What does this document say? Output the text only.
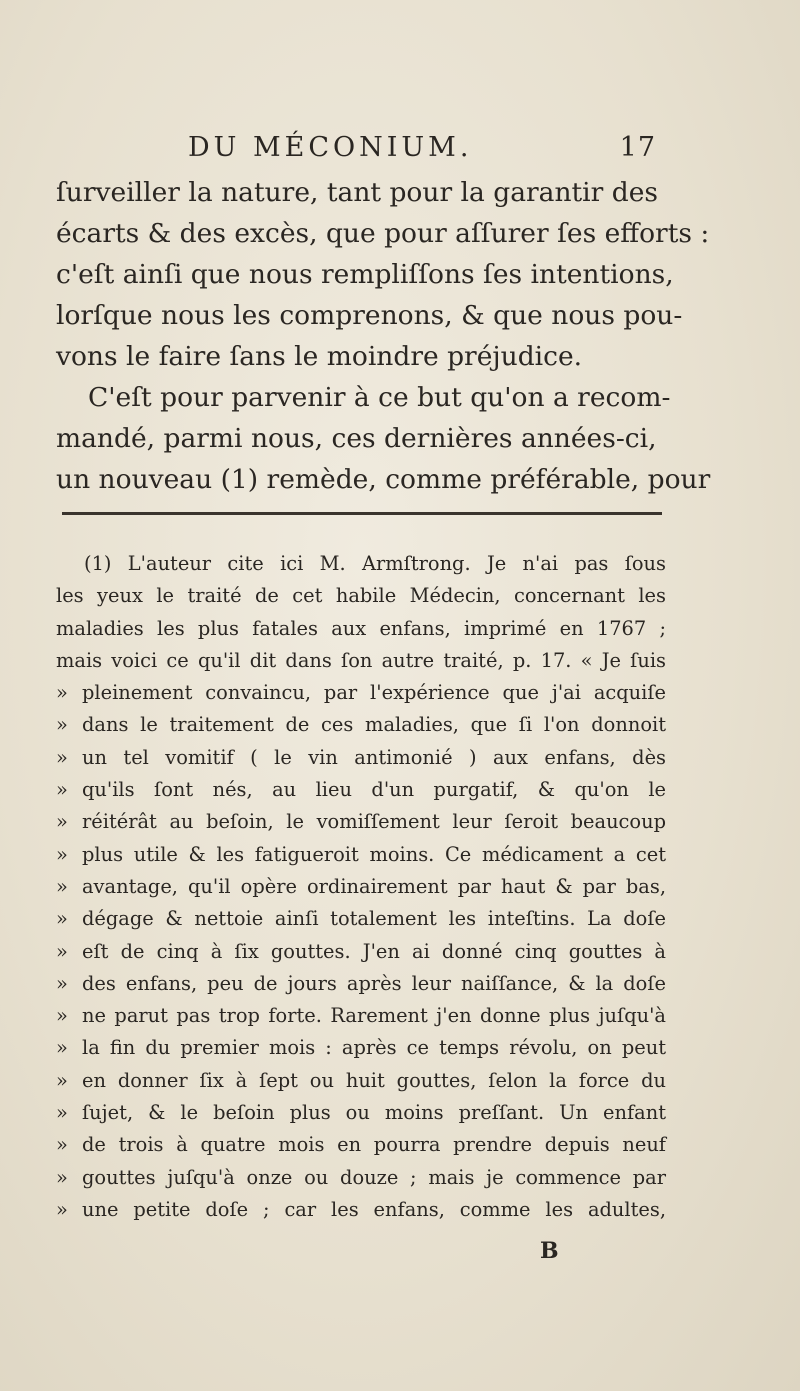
DU MÉCONIUM.	17
ſurveiller la nature, tant pour la garantir des
écarts & des excès, que pour aſſurer ſes efforts :
c'eſt ainſi que nous rempliſſons ſes intentions,
lorſque nous les comprenons, & que nous pou-
vons le faire ſans le moindre préjudice.
C'eſt pour parvenir à ce but qu'on a recom-
mandé, parmi nous, ces dernières années-ci,
un nouveau (1) remède, comme préférable, pour
(1) L'auteur cite ici M. Armſtrong. Je n'ai pas ſous
les yeux le traité de cet habile Médecin, concernant les
maladies les plus fatales aux enfans, imprimé en 1767 ;
mais voici ce qu'il dit dans ſon autre traité, p. 17. « Je ſuis
» pleinement convaincu, par l'expérience que j'ai acquiſe
» dans le traitement de ces maladies, que ſi l'on donnoit
» un tel vomitif ( le vin antimonié ) aux enfans, dès
» qu'ils ſont nés, au lieu d'un purgatif, & qu'on le
» réitérât au beſoin, le vomiſſement leur ſeroit beaucoup
» plus utile & les fatigueroit moins. Ce médicament a cet
» avantage, qu'il opère ordinairement par haut & par bas,
» dégage & nettoie ainſi totalement les inteſtins. La doſe
» eſt de cinq à ſix gouttes. J'en ai donné cinq gouttes à
» des enfans, peu de jours après leur naiſſance, & la doſe
» ne parut pas trop forte. Rarement j'en donne plus juſqu'à
» la fin du premier mois : après ce temps révolu, on peut
» en donner ſix à ſept ou huit gouttes, ſelon la force du
» ſujet, & le beſoin plus ou moins preſſant. Un enfant
» de trois à quatre mois en pourra prendre depuis neuf
» gouttes juſqu'à onze ou douze ; mais je commence par
» une petite doſe ; car les enfans, comme les adultes,
B
